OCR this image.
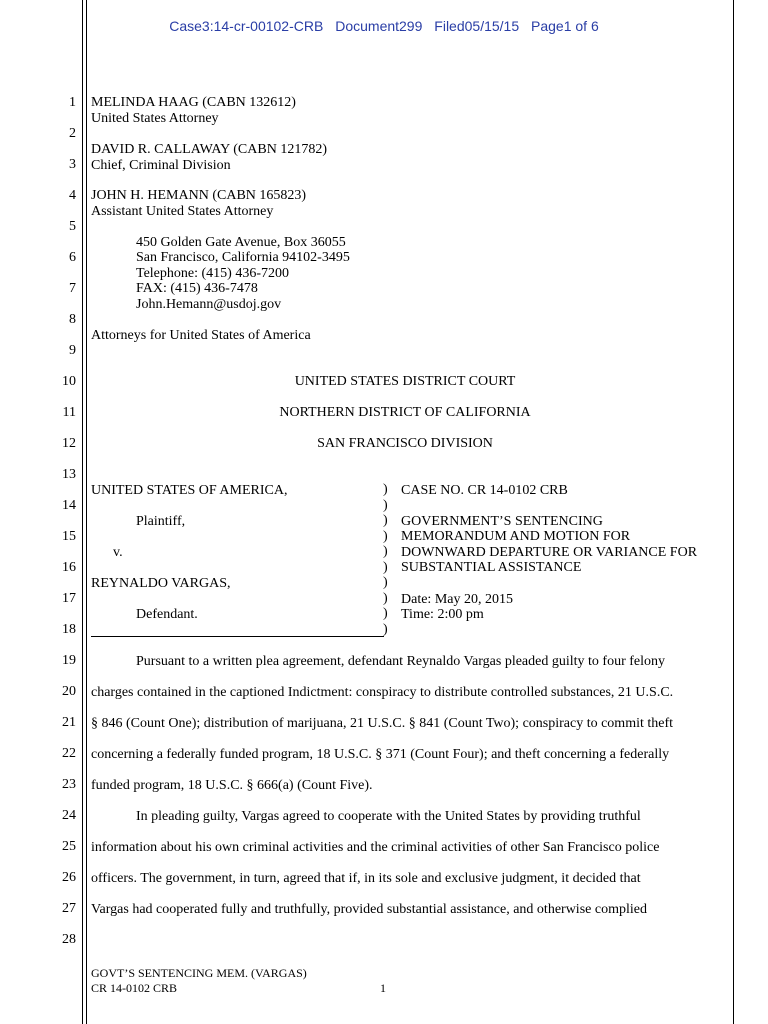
Case3:14-cr-00102-CRB Document299 Filed05/15/15 Page1 of 6
1
2
3
4
5
6
7
8
9
10
11
12
13
14
15
16
17
18
19
20
21
22
23
24
25
26
27
28
MELINDA HAAG (CABN 132612)
United States Attorney
DAVID R. CALLAWAY (CABN 121782)
Chief, Criminal Division
JOHN H. HEMANN (CABN 165823)
Assistant United States Attorney
450 Golden Gate Avenue, Box 36055
San Francisco, California 94102-3495
Telephone: (415) 436-7200
FAX: (415) 436-7478
John.Hemann@usdoj.gov
Attorneys for United States of America
UNITED STATES DISTRICT COURT
NORTHERN DISTRICT OF CALIFORNIA
SAN FRANCISCO DIVISION
UNITED STATES OF AMERICA,
Plaintiff,
v.
REYNALDO VARGAS,
Defendant.
)
)
)
)
)
)
)
)
)
)
CASE NO. CR 14-0102 CRB
GOVERNMENT’S SENTENCING
MEMORANDUM AND MOTION FOR
DOWNWARD DEPARTURE OR VARIANCE FOR
SUBSTANTIAL ASSISTANCE
Date: May 20, 2015
Time: 2:00 pm
Pursuant to a written plea agreement, defendant Reynaldo Vargas pleaded guilty to four felony
charges contained in the captioned Indictment: conspiracy to distribute controlled substances, 21 U.S.C.
§ 846 (Count One); distribution of marijuana, 21 U.S.C. § 841 (Count Two); conspiracy to commit theft
concerning a federally funded program, 18 U.S.C. § 371 (Count Four); and theft concerning a federally
funded program, 18 U.S.C. § 666(a) (Count Five).
In pleading guilty, Vargas agreed to cooperate with the United States by providing truthful
information about his own criminal activities and the criminal activities of other San Francisco police
officers. The government, in turn, agreed that if, in its sole and exclusive judgment, it decided that
Vargas had cooperated fully and truthfully, provided substantial assistance, and otherwise complied
GOVT’S SENTENCING MEM. (VARGAS)
CR 14-0102 CRB	1
